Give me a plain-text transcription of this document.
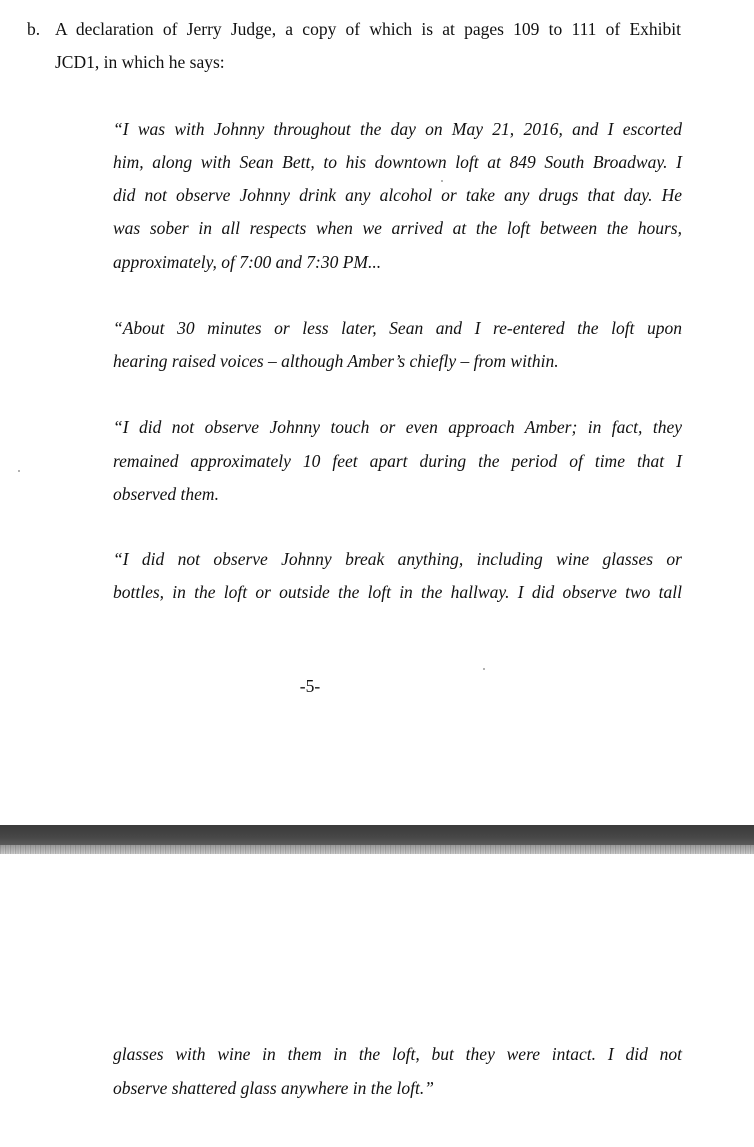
b. A declaration of Jerry Judge, a copy of which is at pages 109 to 111 of Exhibit
JCD1, in which he says:
“I was with Johnny throughout the day on May 21, 2016, and I escorted
him, along with Sean Bett, to his downtown loft at 849 South Broadway. I
did not observe Johnny drink any alcohol or take any drugs that day. He
was sober in all respects when we arrived at the loft between the hours,
approximately, of 7:00 and 7:30 PM...
“About 30 minutes or less later, Sean and I re-entered the loft upon
hearing raised voices – although Amber’s chiefly – from within.
“I did not observe Johnny touch or even approach Amber; in fact, they
remained approximately 10 feet apart during the period of time that I
observed them.
“I did not observe Johnny break anything, including wine glasses or
bottles, in the loft or outside the loft in the hallway. I did observe two tall
-5-
glasses with wine in them in the loft, but they were intact. I did not
observe shattered glass anywhere in the loft.”
